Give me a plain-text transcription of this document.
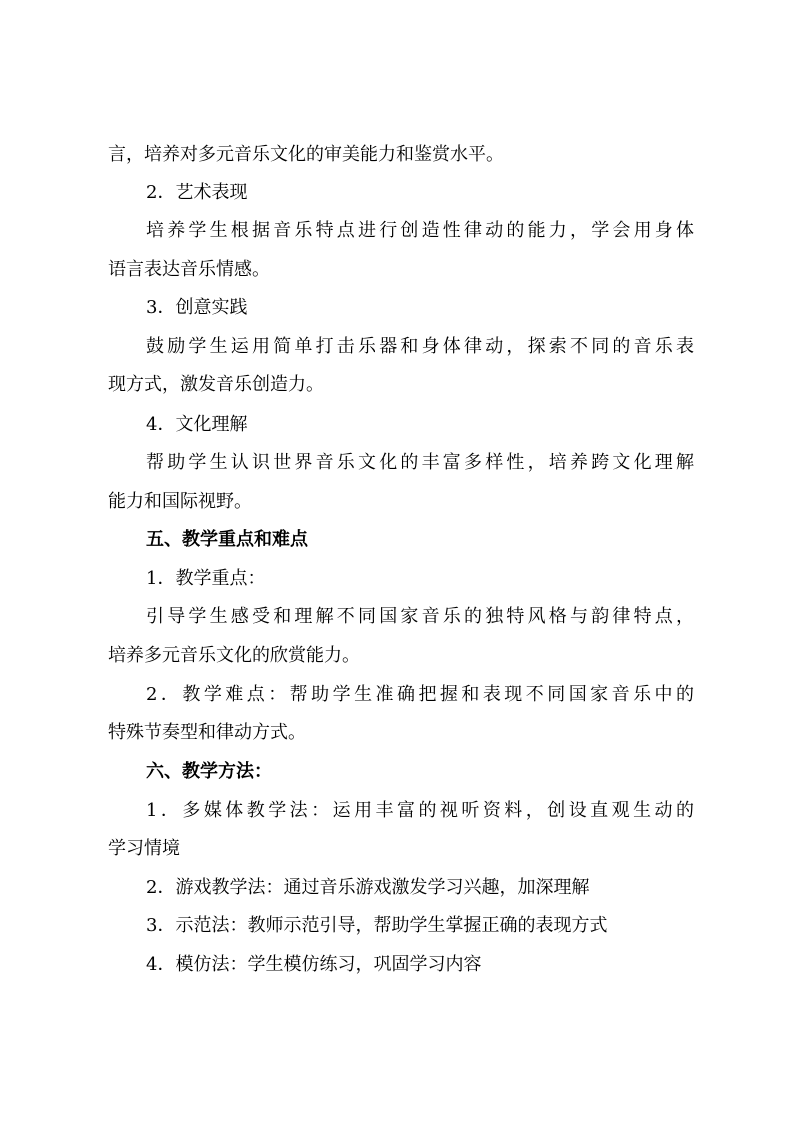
言，培养对多元音乐文化的审美能力和鉴赏水平。
2．艺术表现
培养学生根据音乐特点进行创造性律动的能力，学会用身体
语言表达音乐情感。
3．创意实践
鼓励学生运用简单打击乐器和身体律动，探索不同的音乐表
现方式，激发音乐创造力。
4．文化理解
帮助学生认识世界音乐文化的丰富多样性，培养跨文化理解
能力和国际视野。
五、教学重点和难点
1．教学重点：
引导学生感受和理解不同国家音乐的独特风格与韵律特点，
培养多元音乐文化的欣赏能力。
2．教学难点：帮助学生准确把握和表现不同国家音乐中的
特殊节奏型和律动方式。
六、教学方法：
1．多媒体教学法：运用丰富的视听资料，创设直观生动的
学习情境
2．游戏教学法：通过音乐游戏激发学习兴趣，加深理解
3．示范法：教师示范引导，帮助学生掌握正确的表现方式
4．模仿法：学生模仿练习，巩固学习内容
